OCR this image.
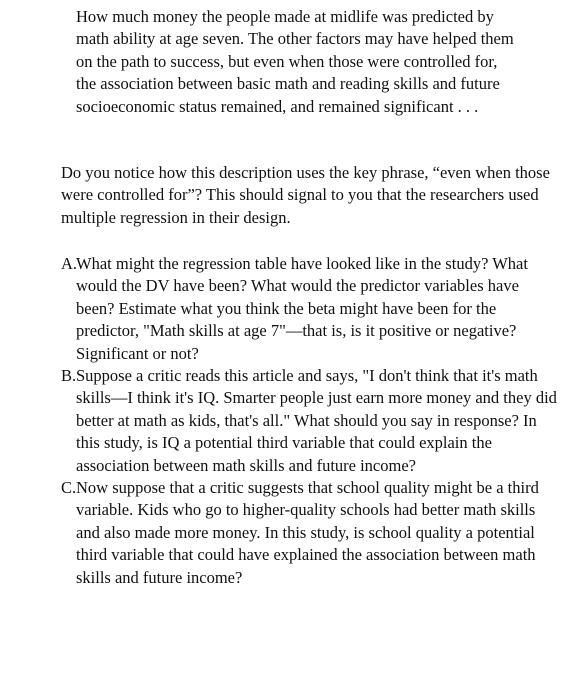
How much money the people made at midlife was predicted by math ability at age seven. The other factors may have helped them on the path to success, but even when those were controlled for, the association between basic math and reading skills and future socioeconomic status remained, and remained significant . . .

Do you notice how this description uses the key phrase, “even when those were controlled for”? This should signal to you that the researchers used multiple regression in their design.

A.
What might the regression table have looked like in the study? What would the DV have been? What would the predictor variables have been? Estimate what you think the beta might have been for the predictor, "Math skills at age 7"—that is, is it positive or negative? Significant or not?
B. Suppose a critic reads this article and says, "I don't think that it's math skills—I think it's IQ. Smarter people just earn more money and they did better at math as kids, that's all." What should you say in response? In this study, is IQ a potential third variable that could explain the association between math skills and future income?
C. Now suppose that a critic suggests that school quality might be a third variable. Kids who go to higher-quality schools had better math skills and also made more money. In this study, is school quality a potential third variable that could have explained the association between math skills and future income?
